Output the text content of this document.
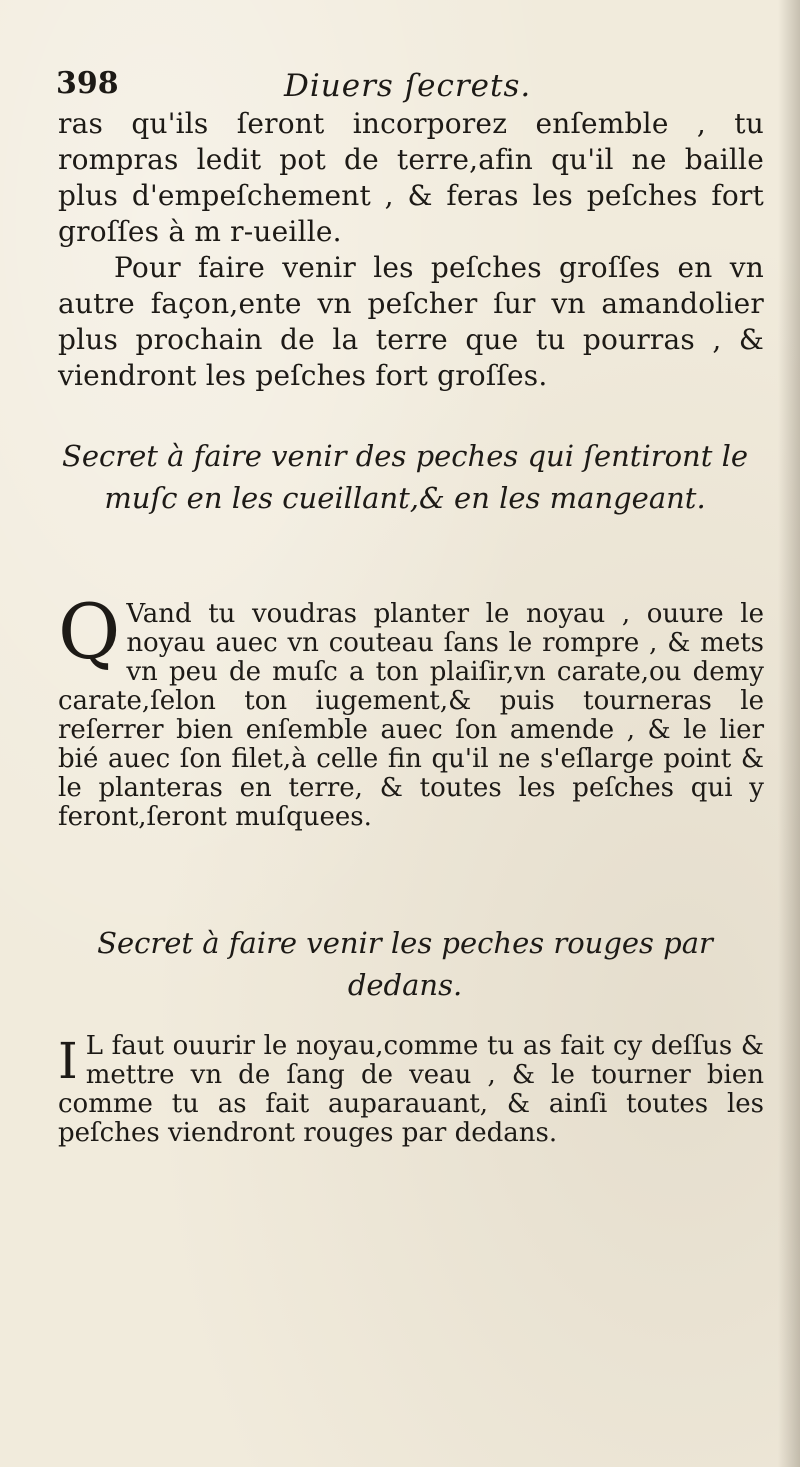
398	Diuers ſecrets.

ras qu'ils ſeront incorporez enſemble , tu rompras ledit pot de terre,afin qu'il ne baille plus d'empeſchement , & feras les peſches fort groſſes à m r-ueille.

Pour faire venir les peſches groſſes en vn autre façon,ente vn peſcher ſur vn amandolier plus prochain de la terre que tu pourras , & viendront les peſches fort groſſes.

Secret à faire venir des peches qui ſentiront le muſc en les cueillant,& en les mangeant.

Q Vand tu voudras planter le noyau , ouure le noyau auec vn couteau ſans le rompre , & mets vn peu de muſc a ton plaiſir,vn carate,ou demy carate,ſelon ton iugement,& puis tourneras le reſerrer bien enſemble auec ſon amende , & le lier bié auec ſon filet,à celle fin qu'il ne s'eſlarge point & le planteras en terre, & toutes les peſches qui y feront,ſeront muſquees.

Secret à faire venir les peches rouges par dedans.

I L faut ouurir le noyau,comme tu as fait cy deſſus & mettre vn de ſang de veau , & le tourner bien comme tu as fait auparauant, & ainſi toutes les peſches viendront rouges par dedans.
